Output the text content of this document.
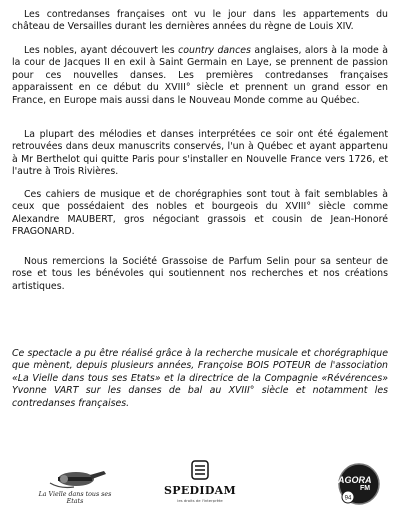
Les contredanses françaises ont vu le jour dans les appartements du château de Versailles durant les dernières années du règne de Louis XIV.

Les nobles, ayant découvert les country dances anglaises, alors à la mode à la cour de Jacques II en exil à Saint Germain en Laye, se prennent de passion pour ces nouvelles danses. Les premières contredanses françaises apparaissent en ce début du XVIII° siècle et prennent un grand essor en France, en Europe mais aussi dans le Nouveau Monde comme au Québec.

La plupart des mélodies et danses interprétées ce soir ont été également retrouvées dans deux manuscrits conservés, l'un à Québec et ayant appartenu à Mr Berthelot qui quitte Paris pour s'installer en Nouvelle France vers 1726, et l'autre à Trois Rivières.

Ces cahiers de musique et de chorégraphies sont tout à fait semblables à ceux que possédaient des nobles et bourgeois du XVIII° siècle comme Alexandre MAUBERT, gros négociant grassois et cousin de Jean-Honoré FRAGONARD.

Nous remercions la Société Grassoise de Parfum Selin pour sa senteur de rose et tous les bénévoles qui soutiennent nos recherches et nos créations artistiques.

Ce spectacle a pu être réalisé grâce à la recherche musicale et chorégraphique que mènent, depuis plusieurs années, Françoise BOIS POTEUR de l'association «La Vielle dans tous ses Etats» et la directrice de la Compagnie «Révérences» Yvonne VART sur les danses de bal au XVIII° siècle et notamment les contredanses françaises.

La Vielle dans tous ses Etats
SPEDIDAM
les droits de l'interprète	94
AGORA
FM
